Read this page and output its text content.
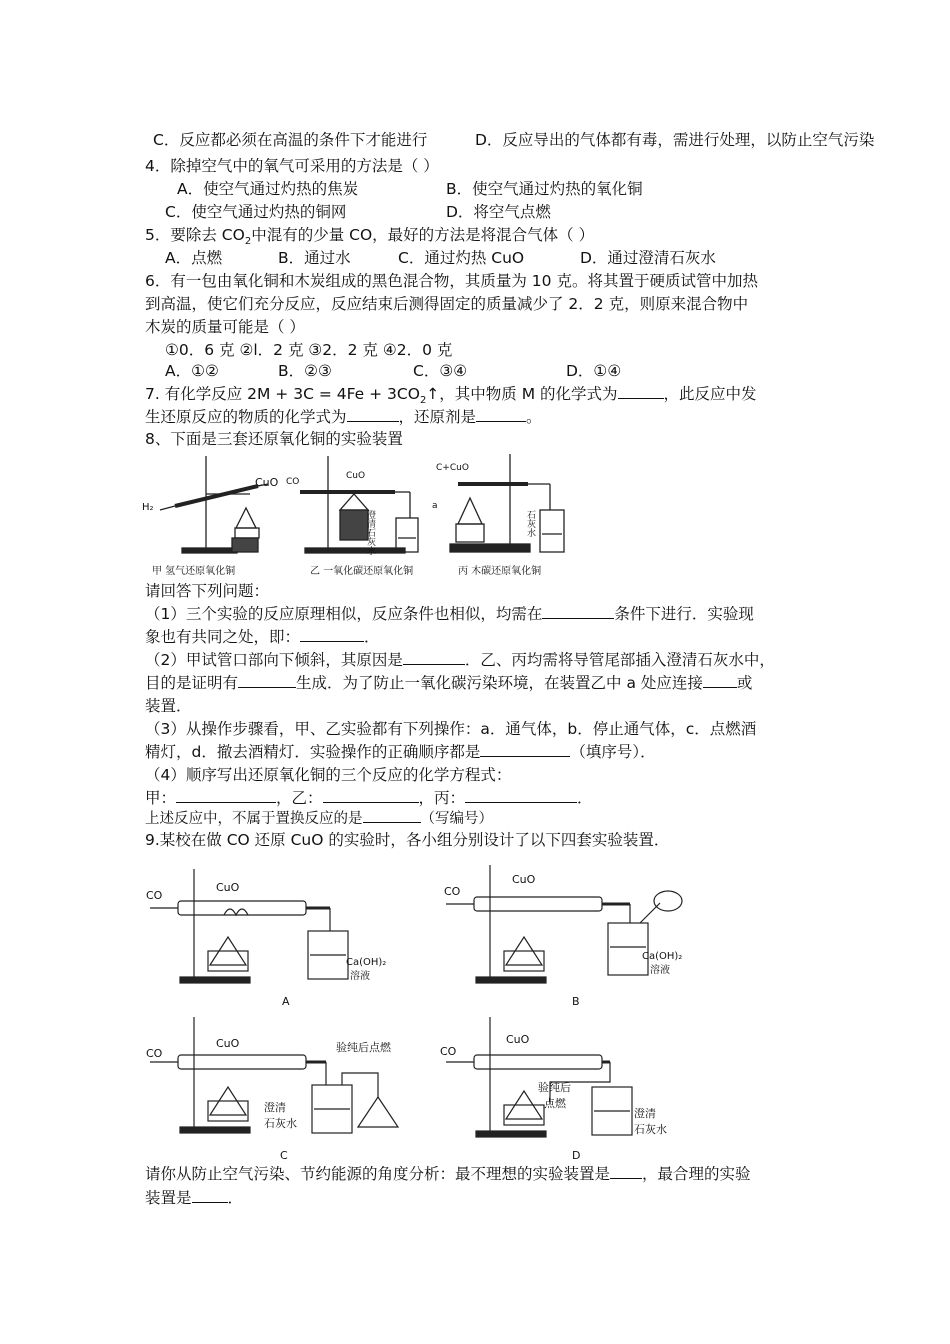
C．反应都必须在高温的条件下才能进行	D．反应导出的气体都有毒，需进行处理，以防止空气污染
4．除掉空气中的氧气可采用的方法是（ ）
A．使空气通过灼热的焦炭	B．使空气通过灼热的氧化铜
C．使空气通过灼热的铜网	D．将空气点燃
5．要除去 $CO_2$中混有的少量 CO，最好的方法是将混合气体（ ）
A．点燃	B．通过水	C．通过灼热 CuO	D．通过澄清石灰水
6．有一包由氧化铜和木炭组成的黑色混合物，其质量为 10 克。将其置于硬质试管中加热
到高温，使它们充分反应，反应结束后测得固定的质量减少了 2．2 克，则原来混合物中
木炭的质量可能是（ ）
①0．6 克 ②l．2 克 ③2．2 克 ④2．0 克
A．①②	B．②③	C．③④	D．①④
7. 有化学反应 $2M + 3C = 4Fe + 3CO_2↑$，其中物质 M 的化学式为	，此反应中发
生还原反应的物质的化学式为	，还原剂是	。
8、下面是三套还原氧化铜的实验装置
CuO
H₂
CO
CuO
澄清石灰水
a
C+CuO
石灰水
甲 氢气还原氧化铜	乙 一氧化碳还原氧化铜	丙 木碳还原氧化铜
请回答下列问题：
（1）三个实验的反应原理相似，反应条件也相似，均需在	条件下进行．实验现
象也有共同之处，即：	．
（2）甲试管口部向下倾斜，其原因是	．乙、丙均需将导管尾部插入澄清石灰水中，
目的是证明有	生成．为了防止一氧化碳污染环境，在装置乙中 a 处应连接 或
装置．
（3）从操作步骤看，甲、乙实验都有下列操作：a．通气体，b．停止通气体，c．点燃酒
精灯，d．撤去酒精灯．实验操作的正确顺序都是	（填序号）．
（4）顺序写出还原氧化铜的三个反应的化学方程式：
甲：	，乙：	，丙：	．
上述反应中，不属于置换反应的是	（写编号）
9.某校在做 CO 还原 CuO 的实验时，各小组分别设计了以下四套实验装置．
CO
CuO
Ca(OH)₂
溶液
A
CO
CuO
Ca(OH)₂
溶液
B
CO
CuO	验纯后点燃
澄清
石灰水
C
CO
CuO
验纯后
点燃
澄清
石灰水
D
请你从防止空气污染、节约能源的角度分析：最不理想的实验装置是 ，最合理的实验
装置是 ．
